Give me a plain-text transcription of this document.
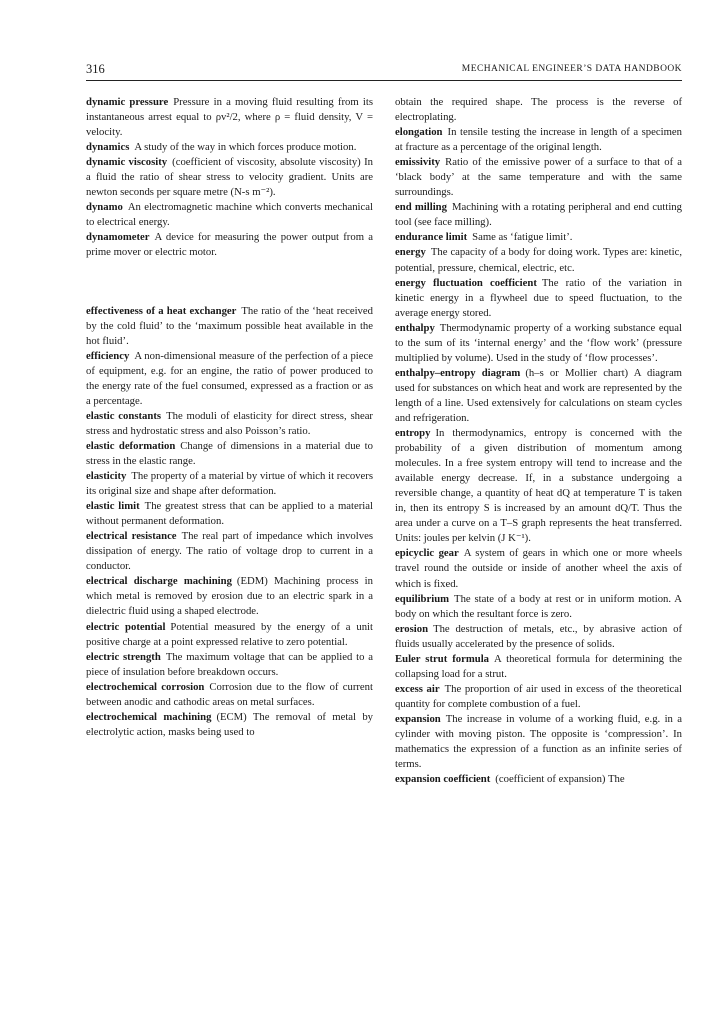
316	MECHANICAL ENGINEER’S DATA HANDBOOK

dynamic pressure Pressure in a moving fluid resulting from its instantaneous arrest equal to ρv²/2, where ρ = fluid density, V = velocity.

dynamics A study of the way in which forces produce motion.

dynamic viscosity (coefficient of viscosity, absolute viscosity) In a fluid the ratio of shear stress to velocity gradient. Units are newton seconds per square metre (N-s m⁻²).

dynamo An electromagnetic machine which converts mechanical to electrical energy.

dynamometer A device for measuring the power output from a prime mover or electric motor.

effectiveness of a heat exchanger The ratio of the ‘heat received by the cold fluid’ to the ‘maximum possible heat available in the hot fluid’.

efficiency A non-dimensional measure of the perfection of a piece of equipment, e.g. for an engine, the ratio of power produced to the energy rate of the fuel consumed, expressed as a fraction or as a percentage.

elastic constants The moduli of elasticity for direct stress, shear stress and hydrostatic stress and also Poisson’s ratio.

elastic deformation Change of dimensions in a material due to stress in the elastic range.

elasticity The property of a material by virtue of which it recovers its original size and shape after deformation.

elastic limit The greatest stress that can be applied to a material without permanent deformation.

electrical resistance The real part of impedance which involves dissipation of energy. The ratio of voltage drop to current in a conductor.

electrical discharge machining (EDM) Machining process in which metal is removed by erosion due to an electric spark in a dielectric fluid using a shaped electrode.

electric potential Potential measured by the energy of a unit positive charge at a point expressed relative to zero potential.

electric strength The maximum voltage that can be applied to a piece of insulation before breakdown occurs.

electrochemical corrosion Corrosion due to the flow of current between anodic and cathodic areas on metal surfaces.

electrochemical machining (ECM) The removal of metal by electrolytic action, masks being used to

obtain the required shape. The process is the reverse of electroplating.

elongation In tensile testing the increase in length of a specimen at fracture as a percentage of the original length.

emissivity Ratio of the emissive power of a surface to that of a ‘black body’ at the same temperature and with the same surroundings.

end milling Machining with a rotating peripheral and end cutting tool (see face milling).

endurance limit Same as ‘fatigue limit’.

energy The capacity of a body for doing work. Types are: kinetic, potential, pressure, chemical, electric, etc.

energy fluctuation coefficient The ratio of the variation in kinetic energy in a flywheel due to speed fluctuation, to the average energy stored.

enthalpy Thermodynamic property of a working substance equal to the sum of its ‘internal energy’ and the ‘flow work’ (pressure multiplied by volume). Used in the study of ‘flow processes’.

enthalpy–entropy diagram (h–s or Mollier chart) A diagram used for substances on which heat and work are represented by the length of a line. Used extensively for calculations on steam cycles and refrigeration.

entropy In thermodynamics, entropy is concerned with the probability of a given distribution of momentum among molecules. In a free system entropy will tend to increase and the available energy decrease. If, in a substance undergoing a reversible change, a quantity of heat dQ at temperature T is taken in, then its entropy S is increased by an amount dQ/T. Thus the area under a curve on a T–S graph represents the heat transferred. Units: joules per kelvin (J K⁻¹).

epicyclic gear A system of gears in which one or more wheels travel round the outside or inside of another wheel the axis of which is fixed.

equilibrium The state of a body at rest or in uniform motion. A body on which the resultant force is zero.

erosion The destruction of metals, etc., by abrasive action of fluids usually accelerated by the presence of solids.

Euler strut formula A theoretical formula for determining the collapsing load for a strut.

excess air The proportion of air used in excess of the theoretical quantity for complete combustion of a fuel.

expansion The increase in volume of a working fluid, e.g. in a cylinder with moving piston. The opposite is ‘compression’. In mathematics the expression of a function as an infinite series of terms.

expansion coefficient (coefficient of expansion) The
